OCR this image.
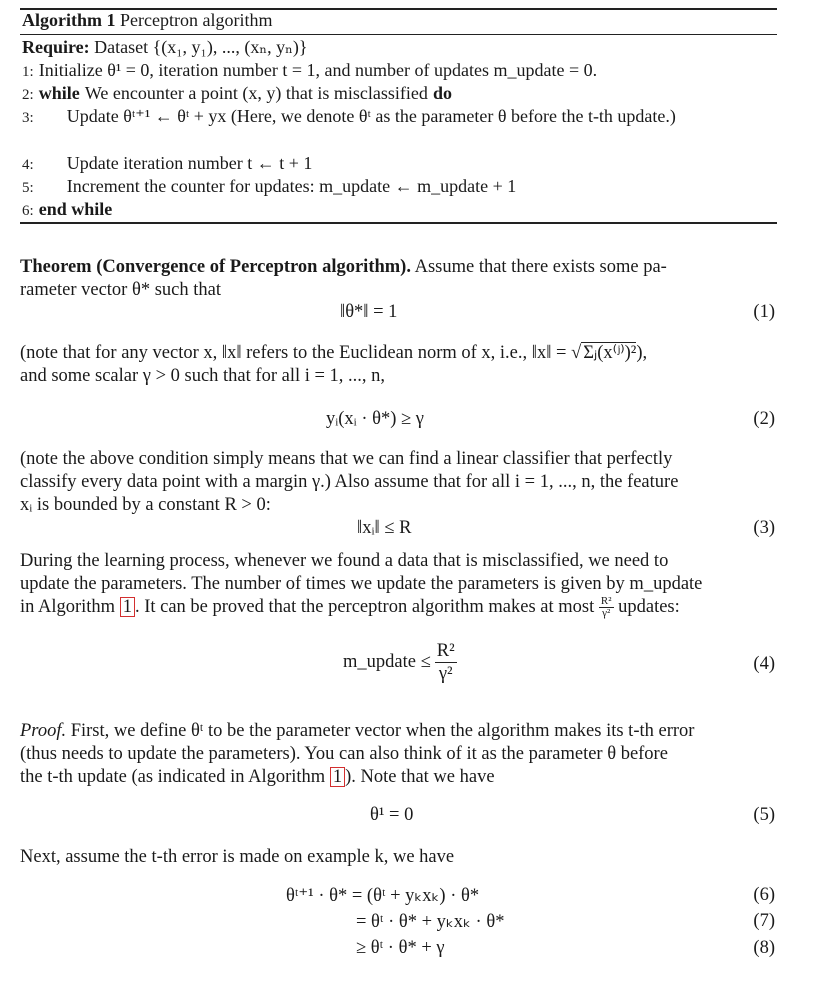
Algorithm 1 Perceptron algorithm
Require: Dataset {(x₁, y₁), ..., (xₙ, yₙ)}
1: Initialize θ¹ = 0, iteration number t = 1, and number of updates m_update = 0.
2: while We encounter a point (x, y) that is misclassified do
3: Update θᵗ⁺¹ ← θᵗ + yx (Here, we denote θᵗ as the parameter θ before the t-th update.)
4: Update iteration number t ← t + 1
5: Increment the counter for updates: m_update ← m_update + 1
6: end while
Theorem (Convergence of Perceptron algorithm). Assume that there exists some pa-
rameter vector θ* such that
‖θ*‖ = 1	(1)
(note that for any vector x, ‖x‖ refers to the Euclidean norm of x, i.e., ‖x‖ = √ Σⱼ(x⁽ʲ⁾)²),
and some scalar γ > 0 such that for all i = 1, ..., n,
yᵢ(xᵢ · θ*) ≥ γ	(2)
(note the above condition simply means that we can find a linear classifier that perfectly
classify every data point with a margin γ.) Also assume that for all i = 1, ..., n, the feature
xᵢ is bounded by a constant R > 0:
‖xᵢ‖ ≤ R	(3)
During the learning process, whenever we found a data that is misclassified, we need to
update the parameters. The number of times we update the parameters is given by m_update
in Algorithm 1 . It can be proved that the perceptron algorithm makes at most $\frac{\text{R²}}{\text{γ²}}$ updates:
m_update ≤ $\frac{\text{R²}}{\text{γ²}}$	(4)
Proof. First, we define θᵗ to be the parameter vector when the algorithm makes its t-th error
(thus needs to update the parameters). You can also think of it as the parameter θ before
the t-th update (as indicated in Algorithm 1 ). Note that we have
θ¹ = 0	(5)
Next, assume the t-th error is made on example k, we have
θᵗ⁺¹ · θ* = (θᵗ + yₖxₖ) · θ*	(6)
= θᵗ · θ* + yₖxₖ · θ*	(7)
≥ θᵗ · θ* + γ	(8)
